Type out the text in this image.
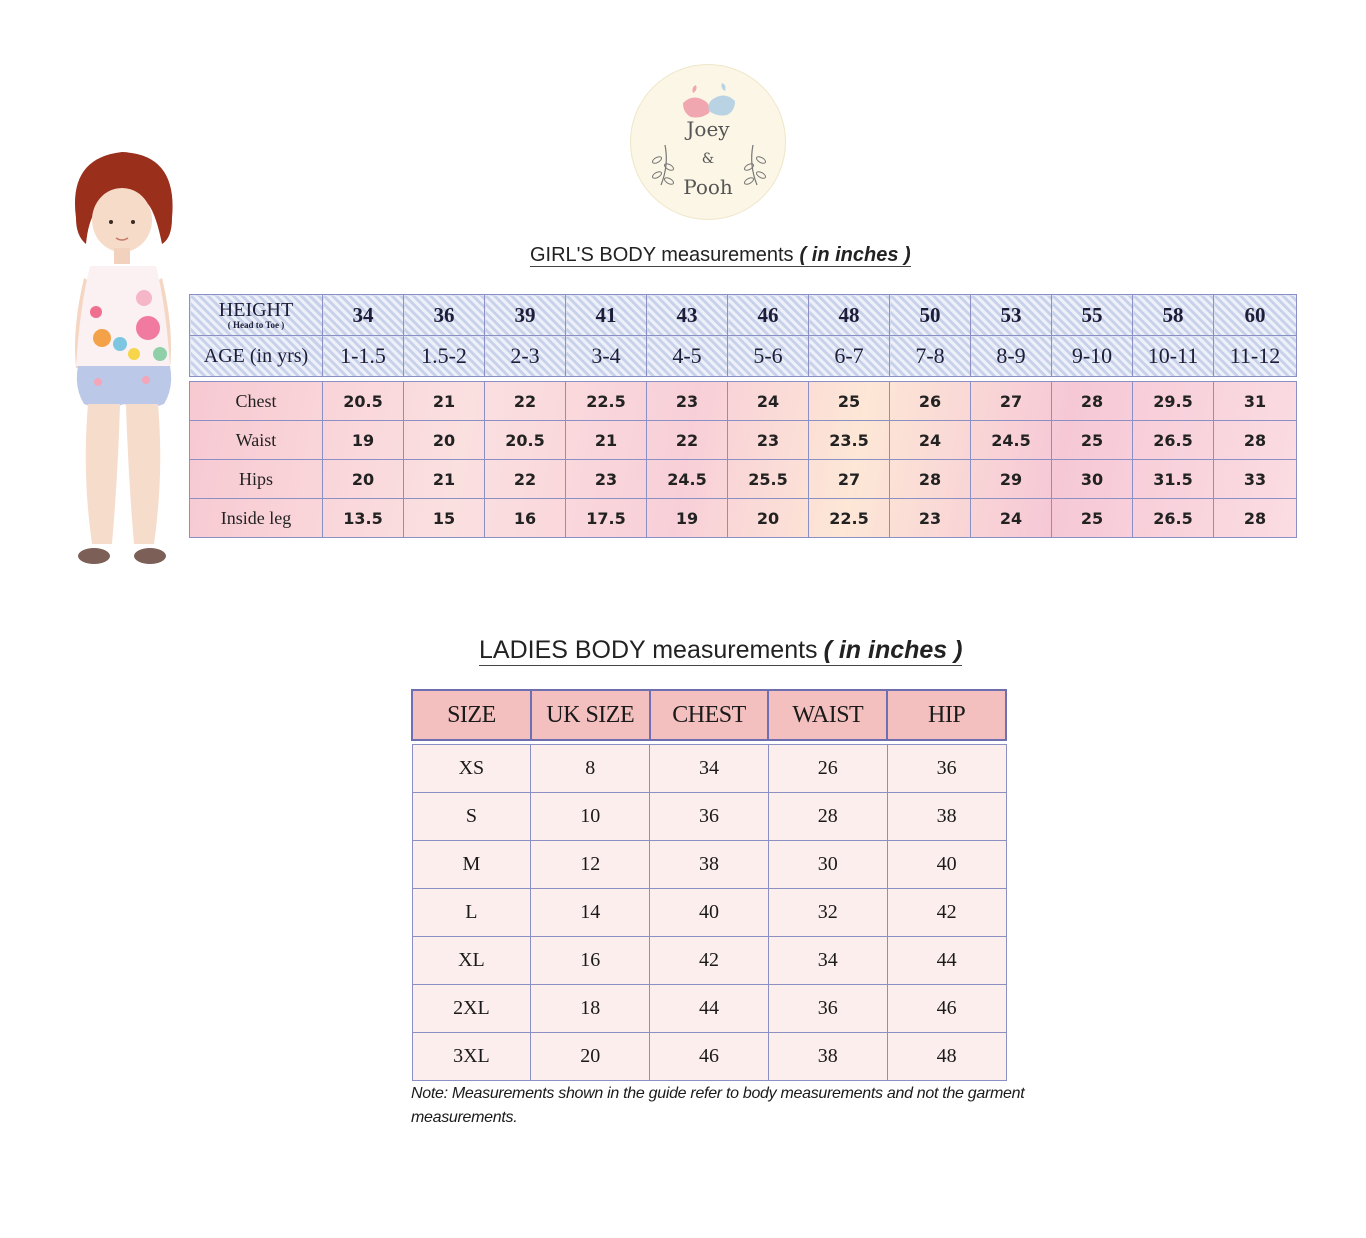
Joey
&
Pooh
GIRL'S BODY measurements ( in inches )
HEIGHT
( Head to Toe )	34	36	39	41	43	46	48	50	53	55	58	60
AGE (in yrs)	1-1.5	1.5-2	2-3	3-4	4-5	5-6	6-7	7-8	8-9	9-10	10-11	11-12

Chest	20.5	21	22	22.5	23	24	25	26	27	28	29.5	31
Waist	19	20	20.5	21	22	23	23.5	24	24.5	25	26.5	28
Hips	20	21	22	23	24.5	25.5	27	28	29	30	31.5	33
Inside leg	13.5	15	16	17.5	19	20	22.5	23	24	25	26.5	28
LADIES BODY measurements ( in inches )
SIZE	UK SIZE	CHEST	WAIST	HIP

XS	8	34	26	36
S	10	36	28	38
M	12	38	30	40
L	14	40	32	42
XL	16	42	34	44
2XL	18	44	36	46
3XL	20	46	38	48
Note: Measurements shown in the guide refer to body measurements and not the garment measurements.
